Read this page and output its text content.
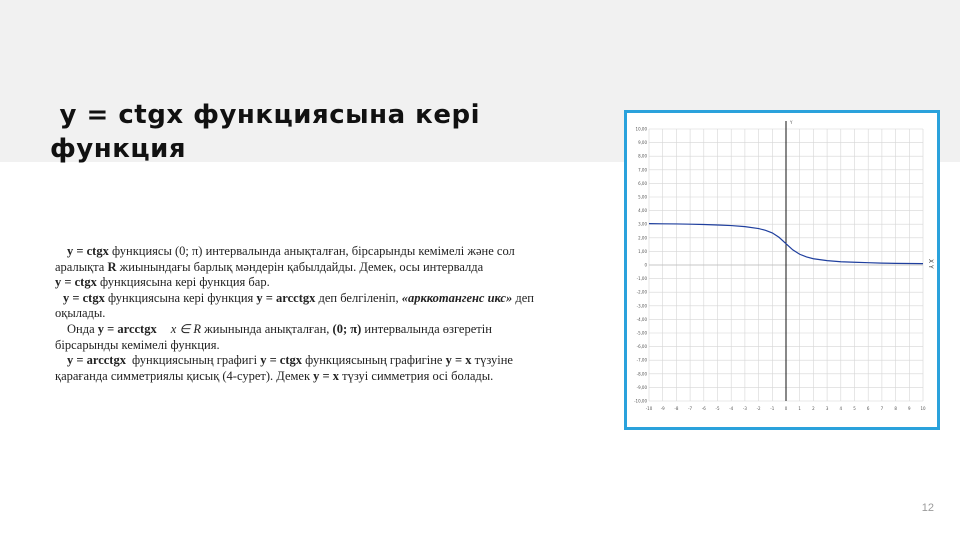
y = ctgx функциясына кері
функция

y = ctgx функциясы (0; π) интервалында анықталған, бірсарынды кемімелі және сол

аралықта R жиынындағы барлық мәндерін қабылдайды. Демек, осы интервалда

y = ctgx функциясына кері функция бар.

y = ctgx функциясына кері функция y = arcctgx деп белгіленіп, «арккотангенс икс» деп

оқылады.

Онда y = arcctgx x ∈ R жиынында анықталған, (0; π) интервалында өзгеретін

бірсарынды кемімелі функция.

y = arcctgx функциясының графигі y = ctgx функциясының графигіне y = x түзуіне

қарағанда симметриялы қисық (4-сурет). Демек y = x түзуі симметрия осі болады.

10,00
9,00
8,00
7,00
6,00
5,00
4,00
3,00
2,00
1,00
0
-1,00
-2,00
-3,00
-4,00
-5,00
-6,00
-7,00
-8,00
-9,00
-10,00
-10 -9 -8 -7 -6 -5 -4 -3 -2 -1	0	1	2	3	4	5	6	7	8	9 10
Y
X Y
12
